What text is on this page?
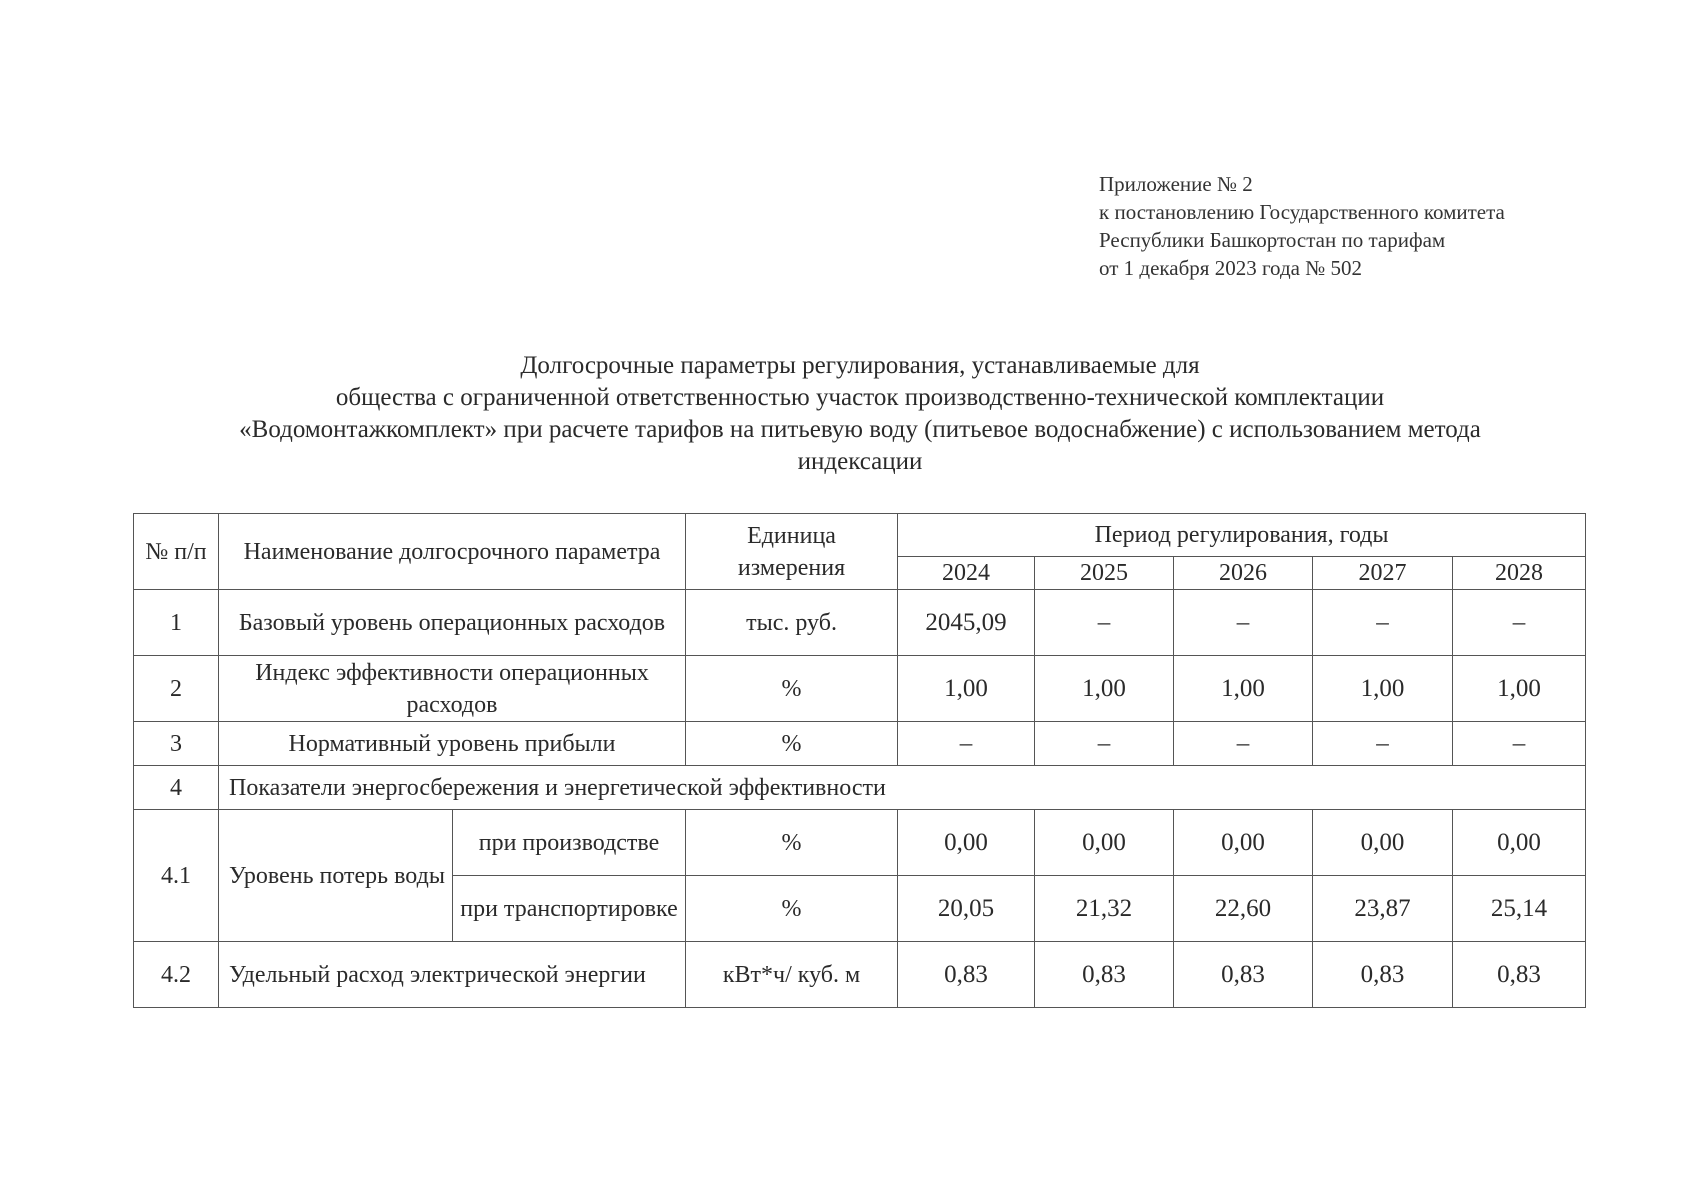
Приложение № 2
к постановлению Государственного комитета
Республики Башкортостан по тарифам
от 1 декабря 2023 года № 502
Долгосрочные параметры регулирования, устанавливаемые для
общества с ограниченной ответственностью участок производственно-технической комплектации
«Водомонтажкомплект» при расчете тарифов на питьевую воду (питьевое водоснабжение) с использованием метода
индексации
№ п/п	Наименование долгосрочного параметра		Единица измерения	Период регулирования, годы				
				2024	2025	2026	2027	2028
1	Базовый уровень операционных расходов		тыс. руб.	2045,09	–	–	–	–
2	Индекс эффективности операционных расходов		%	1,00	1,00	1,00	1,00	1,00
3	Нормативный уровень прибыли		%	–	–	–	–	–
4	Показатели энергосбережения и энергетической эффективности							
4.1	Уровень потерь воды	при производстве	%	0,00	0,00	0,00	0,00	0,00
		при транспортировке	%	20,05	21,32	22,60	23,87	25,14
4.2	Удельный расход электрической энергии		кВт*ч/ куб. м	0,83	0,83	0,83	0,83	0,83
